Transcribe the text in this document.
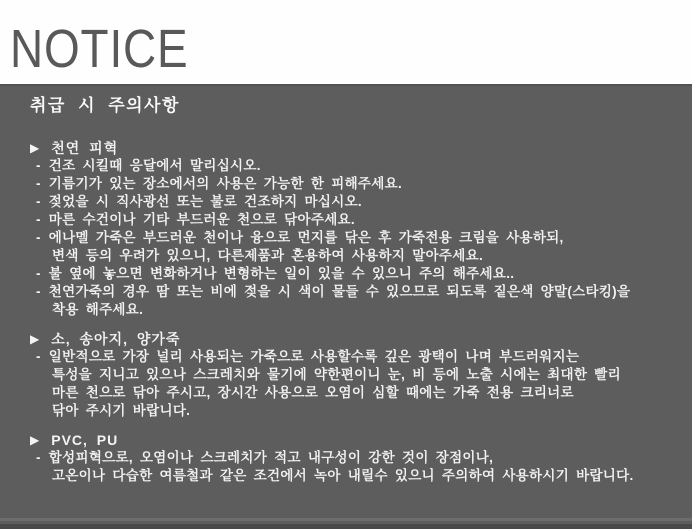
NOTICE
취급 시 주의사항
▶ 천연 피혁
- 건조 시킬때 응달에서 말리십시오.
- 기름기가 있는 장소에서의 사용은 가능한 한 피해주세요.
- 젖었을 시 직사광선 또는 불로 건조하지 마십시오.
- 마른 수건이나 기타 부드러운 천으로 닦아주세요.
- 에나멜 가죽은 부드러운 천이나 융으로 먼지를 닦은 후 가죽전용 크림을 사용하되,
변색 등의 우려가 있으니, 다른제품과 혼용하여 사용하지 말아주세요.
- 불 옆에 놓으면 변화하거나 변형하는 일이 있을 수 있으니 주의 해주세요..
- 천연가죽의 경우 땀 또는 비에 젖을 시 색이 물들 수 있으므로 되도록 짙은색 양말(스타킹)을
착용 해주세요.
▶ 소, 송아지, 양가죽
- 일반적으로 가장 널리 사용되는 가죽으로 사용할수록 깊은 광택이 나며 부드러워지는
특성을 지니고 있으나 스크레치와 물기에 약한편이니 눈, 비 등에 노출 시에는 최대한 빨리
마른 천으로 닦아 주시고, 장시간 사용으로 오염이 심할 때에는 가죽 전용 크리너로
닦아 주시기 바랍니다.
▶ PVC, PU
- 합성피혁으로, 오염이나 스크레치가 적고 내구성이 강한 것이 장점이나,
고온이나 다습한 여름철과 같은 조건에서 녹아 내릴수 있으니 주의하여 사용하시기 바랍니다.
